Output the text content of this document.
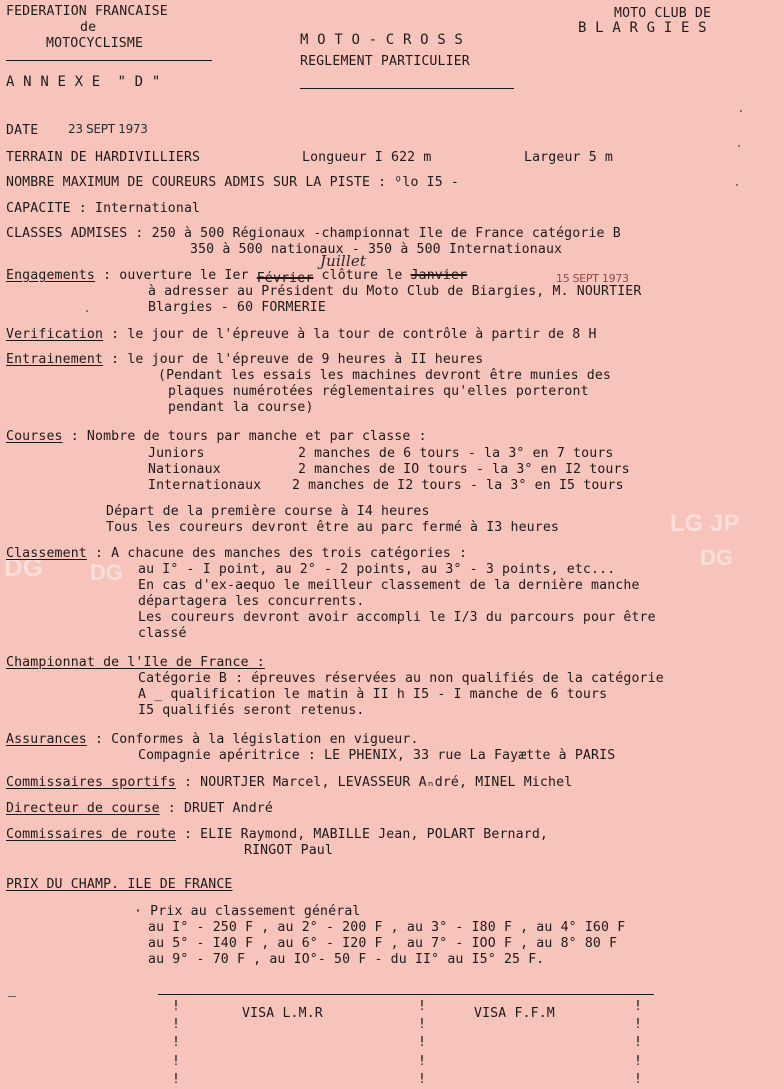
DG DG
DG
LG JP
FEDERATION FRANCAISE
de
MOTOCYCLISME	M O T O - C R O S S
REGLEMENT PARTICULIER
MOTO CLUB DE
B L A R G I E S
A N N E X E  " D "
DATE 23 SEPT 1973
TERRAIN DE HARDIVILLIERS	Longueur I 622 m	Largeur 5 m
NOMBRE MAXIMUM DE COUREURS ADMIS SUR LA PISTE : ᴼlo I5 -
CAPACITE : International
CLASSES ADMISES : 250 à 500 Régionaux -championnat Ile de France catégorie B
350 à 500 nationaux - 350 à 500 Internationaux
Engagements : ouverture le Ier Février clôture le Janvier
Juillet
15 SEPT 1973
à adresser au Président du Moto Club de Biargies, M. NOURTIER
Blargies - 60 FORMERIE
Verification : le jour de l'épreuve à la tour de contrôle à partir de 8 H
Entrainement : le jour de l'épreuve de 9 heures à II heures
(Pendant les essais les machines devront être munies des
plaques numérotées réglementaires qu'elles porteront
pendant la course)
Courses : Nombre de tours par manche et par classe :
Juniors	2 manches de 6 tours - la 3° en 7 tours
Nationaux	2 manches de IO tours - la 3° en I2 tours
Internationaux 2 manches de I2 tours - la 3° en I5 tours
Départ de la première course à I4 heures
Tous les coureurs devront être au parc fermé à I3 heures
Classement : A chacune des manches des trois catégories :
au I° - I point, au 2° - 2 points, au 3° - 3 points, etc...
En cas d'ex-aequo le meilleur classement de la dernière manche
départagera les concurrents.
Les coureurs devront avoir accompli le I/3 du parcours pour être
classé
Championnat de l'Ile de France :
Catégorie B : épreuves réservées au non qualifiés de la catégorie
A _ qualification le matin à II h I5 - I manche de 6 tours
I5 qualifiés seront retenus.
Assurances : Conformes à la législation en vigueur.
Compagnie apéritrice : LE PHENIX, 33 rue La Fayætte à PARIS
Commissaires sportifs : NOURTJER Marcel, LEVASSEUR Aₙdré, MINEL Michel
Directeur de course : DRUET André
Commissaires de route : ELIE Raymond, MABILLE Jean, POLART Bernard,
RINGOT Paul
PRIX DU CHAMP. ILE DE FRANCE
· Prix au classement général
au I° - 250 F , au 2° - 200 F , au 3° - I80 F , au 4° I60 F
au 5° - I40 F , au 6° - I20 F , au 7° - IOO F , au 8° 80 F
au 9° - 70 F , au IO°- 50 F - du II° au I5° 25 F.
!
!
!
!
!
!
!
!
!
!
!
!
!
!
!
VISA L.M.R	VISA F.F.M
